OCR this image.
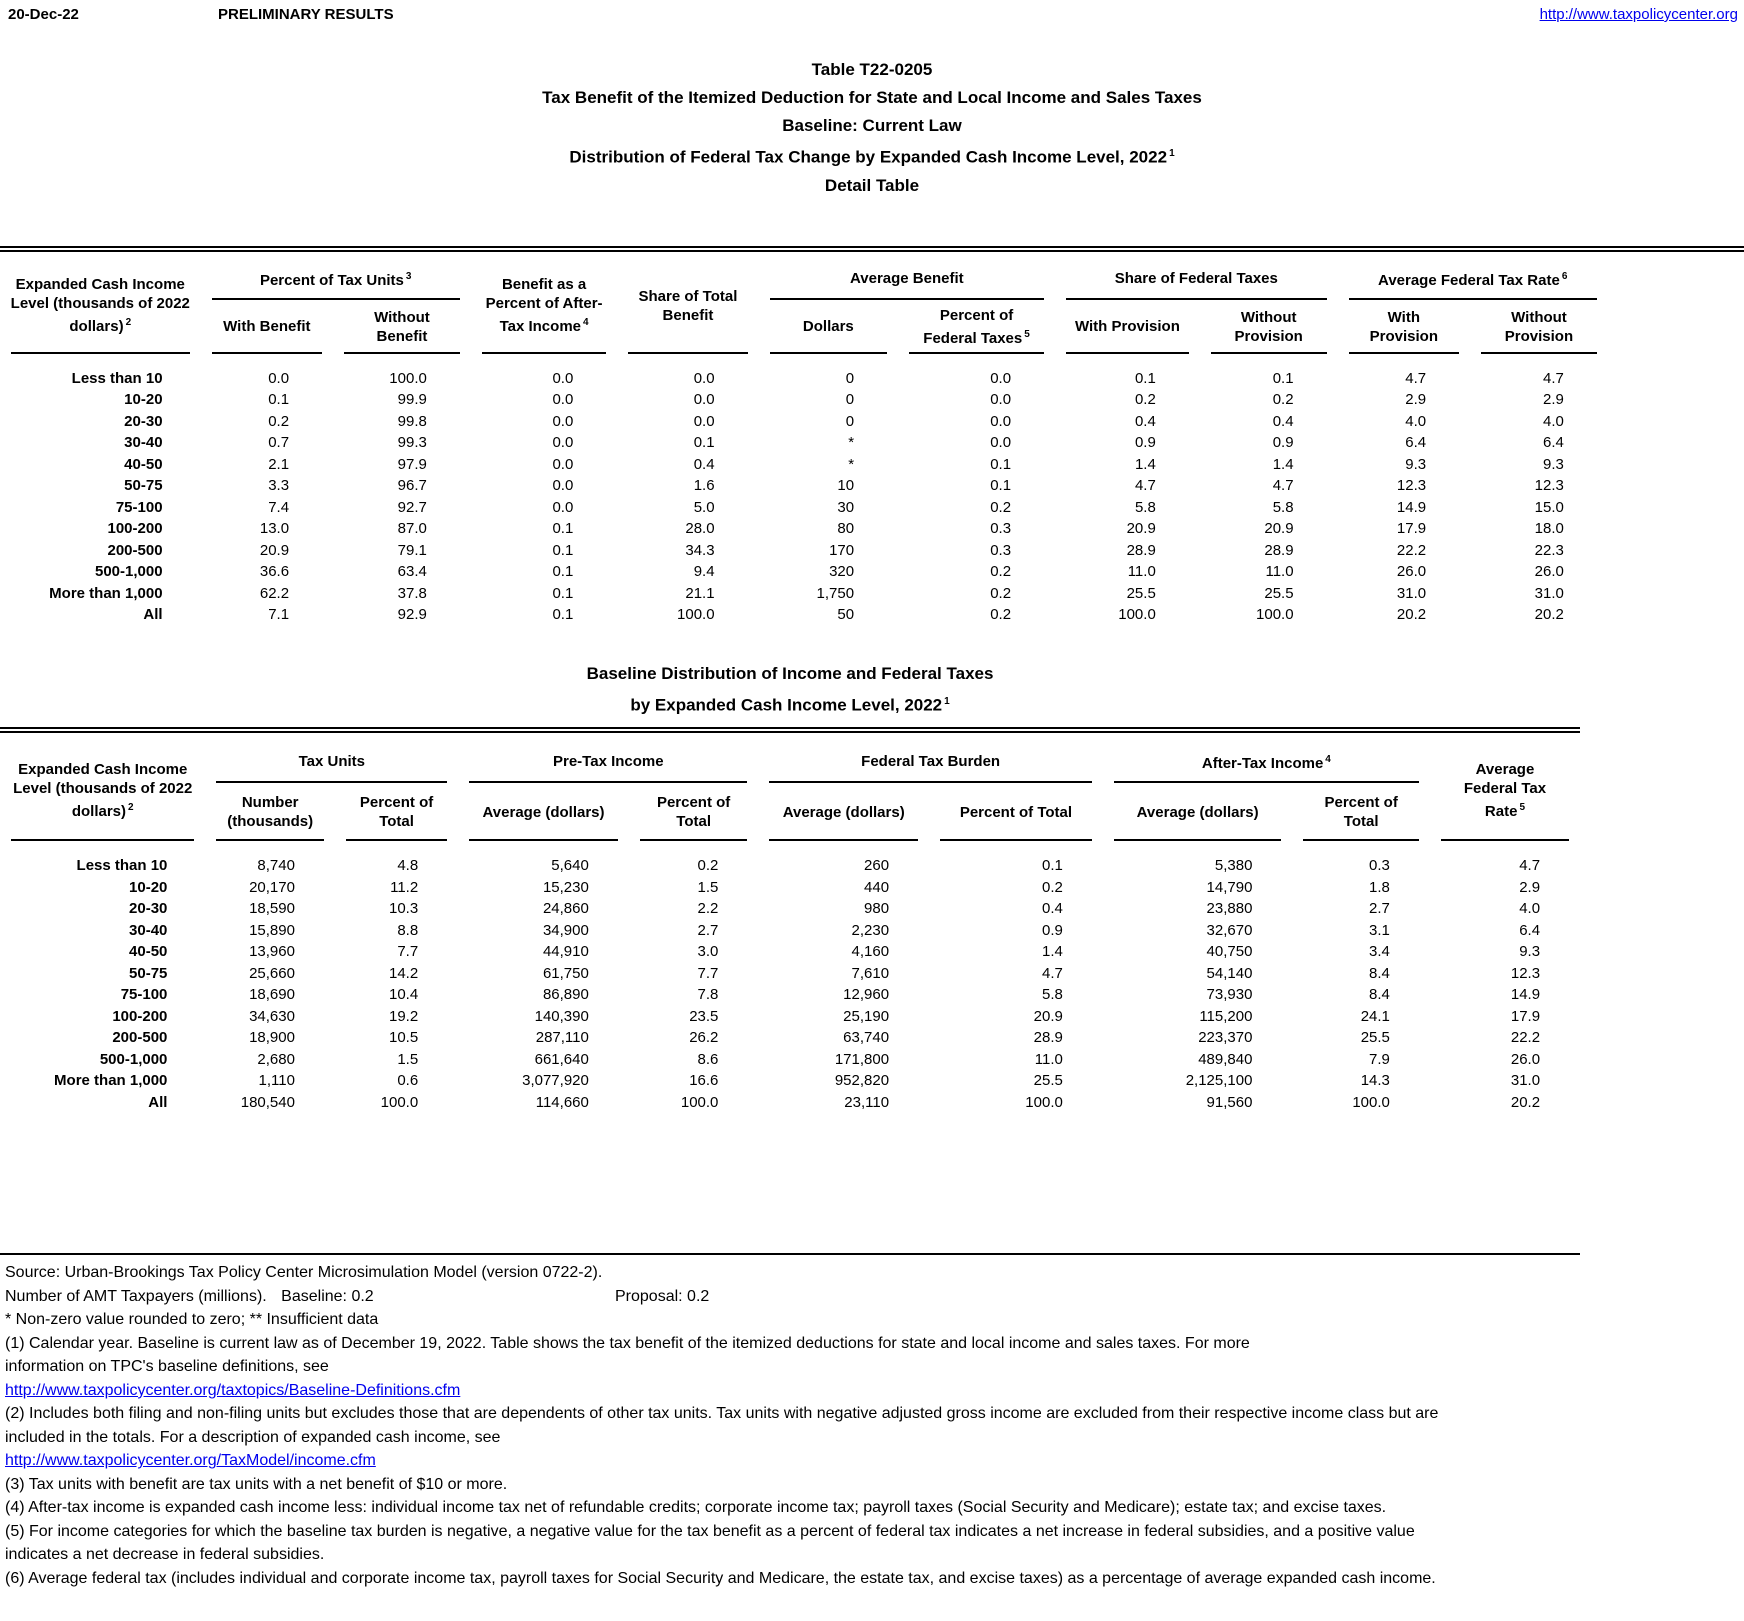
20-Dec-22	PRELIMINARY RESULTS	http://www.taxpolicycenter.org
Table T22-0205
Tax Benefit of the Itemized Deduction for State and Local Income and Sales Taxes
Baseline: Current Law
Distribution of Federal Tax Change by Expanded Cash Income Level, 2022 $^1$
Detail Table
Expanded Cash Income Level (thousands of 2022 dollars) $^2$	Percent of Tax Units $^3$		Benefit as a Percent of After-Tax Income $^4$	Share of Total Benefit	Average Benefit		Share of Federal Taxes		Average Federal Tax Rate $^6$	

	With Benefit	Without Benefit			Dollars	Percent of Federal Taxes $^5$	With Provision	Without Provision	With Provision	Without Provision	

Less than 10	0.0	100.0	0.0	0.0	0	0.0	0.1	0.1	4.7	4.7	
10-20	0.1	99.9	0.0	0.0	0	0.0	0.2	0.2	2.9	2.9	
20-30	0.2	99.8	0.0	0.0	0	0.0	0.4	0.4	4.0	4.0	
30-40	0.7	99.3	0.0	0.1	*	0.0	0.9	0.9	6.4	6.4	
40-50	2.1	97.9	0.0	0.4	*	0.1	1.4	1.4	9.3	9.3	
50-75	3.3	96.7	0.0	1.6	10	0.1	4.7	4.7	12.3	12.3	
75-100	7.4	92.7	0.0	5.0	30	0.2	5.8	5.8	14.9	15.0	
100-200	13.0	87.0	0.1	28.0	80	0.3	20.9	20.9	17.9	18.0	
200-500	20.9	79.1	0.1	34.3	170	0.3	28.9	28.9	22.2	22.3	
500-1,000	36.6	63.4	0.1	9.4	320	0.2	11.0	11.0	26.0	26.0	
More than 1,000	62.2	37.8	0.1	21.1	1,750	0.2	25.5	25.5	31.0	31.0	
All	7.1	92.9	0.1	100.0	50	0.2	100.0	100.0	20.2	20.2	
Baseline Distribution of Income and Federal Taxes
by Expanded Cash Income Level, 2022 $^1$
Expanded Cash Income Level (thousands of 2022 dollars) $^2$	Tax Units		Pre-Tax Income		Federal Tax Burden		After-Tax Income $^4$		Average Federal Tax Rate $^5$

	Number (thousands)	Percent of Total	Average (dollars)	Percent of Total	Average (dollars)	Percent of Total	Average (dollars)	Percent of Total	

Less than 10	8,740	4.8	5,640	0.2	260	0.1	5,380	0.3	4.7
10-20	20,170	11.2	15,230	1.5	440	0.2	14,790	1.8	2.9
20-30	18,590	10.3	24,860	2.2	980	0.4	23,880	2.7	4.0
30-40	15,890	8.8	34,900	2.7	2,230	0.9	32,670	3.1	6.4
40-50	13,960	7.7	44,910	3.0	4,160	1.4	40,750	3.4	9.3
50-75	25,660	14.2	61,750	7.7	7,610	4.7	54,140	8.4	12.3
75-100	18,690	10.4	86,890	7.8	12,960	5.8	73,930	8.4	14.9
100-200	34,630	19.2	140,390	23.5	25,190	20.9	115,200	24.1	17.9
200-500	18,900	10.5	287,110	26.2	63,740	28.9	223,370	25.5	22.2
500-1,000	2,680	1.5	661,640	8.6	171,800	11.0	489,840	7.9	26.0
More than 1,000	1,110	0.6	3,077,920	16.6	952,820	25.5	2,125,100	14.3	31.0
All	180,540	100.0	114,660	100.0	23,110	100.0	91,560	100.0	20.2
Source: Urban-Brookings Tax Policy Center Microsimulation Model (version 0722-2).
Number of AMT Taxpayers (millions). Baseline: 0.2	Proposal: 0.2
* Non-zero value rounded to zero; ** Insufficient data
(1) Calendar year. Baseline is current law as of December 19, 2022. Table shows the tax benefit of the itemized deductions for state and local income and sales taxes. For more
information on TPC's baseline definitions, see
http://www.taxpolicycenter.org/taxtopics/Baseline-Definitions.cfm
(2) Includes both filing and non-filing units but excludes those that are dependents of other tax units. Tax units with negative adjusted gross income are excluded from their respective income class but are
included in the totals. For a description of expanded cash income, see
http://www.taxpolicycenter.org/TaxModel/income.cfm
(3) Tax units with benefit are tax units with a net benefit of $10 or more.
(4) After-tax income is expanded cash income less: individual income tax net of refundable credits; corporate income tax; payroll taxes (Social Security and Medicare); estate tax; and excise taxes.
(5) For income categories for which the baseline tax burden is negative, a negative value for the tax benefit as a percent of federal tax indicates a net increase in federal subsidies, and a positive value
indicates a net decrease in federal subsidies.
(6) Average federal tax (includes individual and corporate income tax, payroll taxes for Social Security and Medicare, the estate tax, and excise taxes) as a percentage of average expanded cash income.
